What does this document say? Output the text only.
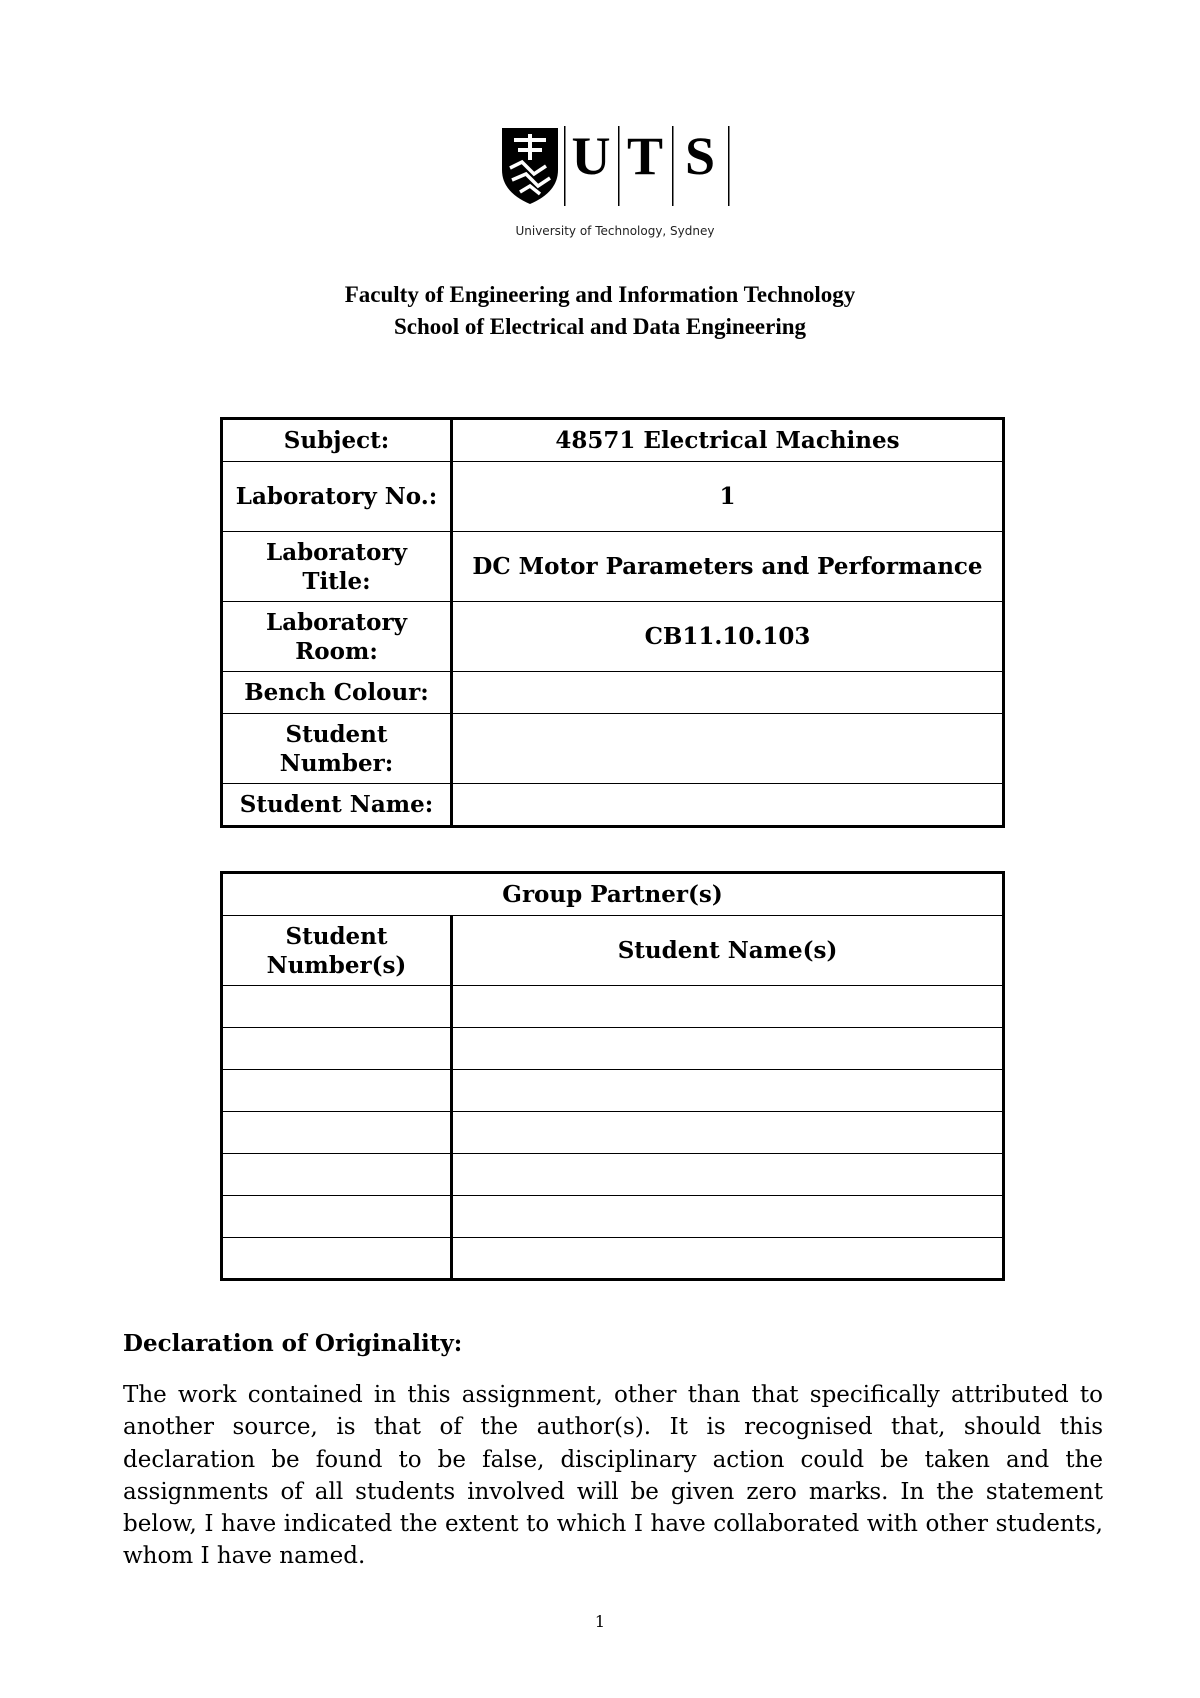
U T S
University of Technology, Sydney
Faculty of Engineering and Information Technology
School of Electrical and Data Engineering
Subject:	48571 Electrical Machines
Laboratory No.:	1
Laboratory Title:	DC Motor Parameters and Performance
Laboratory Room:	CB11.10.103
Bench Colour:	
Student Number:	
Student Name:	
Group Partner(s)	
Student Number(s)	Student Name(s)

Declaration of Originality:
The work contained in this assignment, other than that specifically attributed to another source, is that of the author(s). It is recognised that, should this declaration be found to be false, disciplinary action could be taken and the assignments of all students involved will be given zero marks. In the statement below, I have indicated the extent to which I have collaborated with other students, whom I have named.
1
